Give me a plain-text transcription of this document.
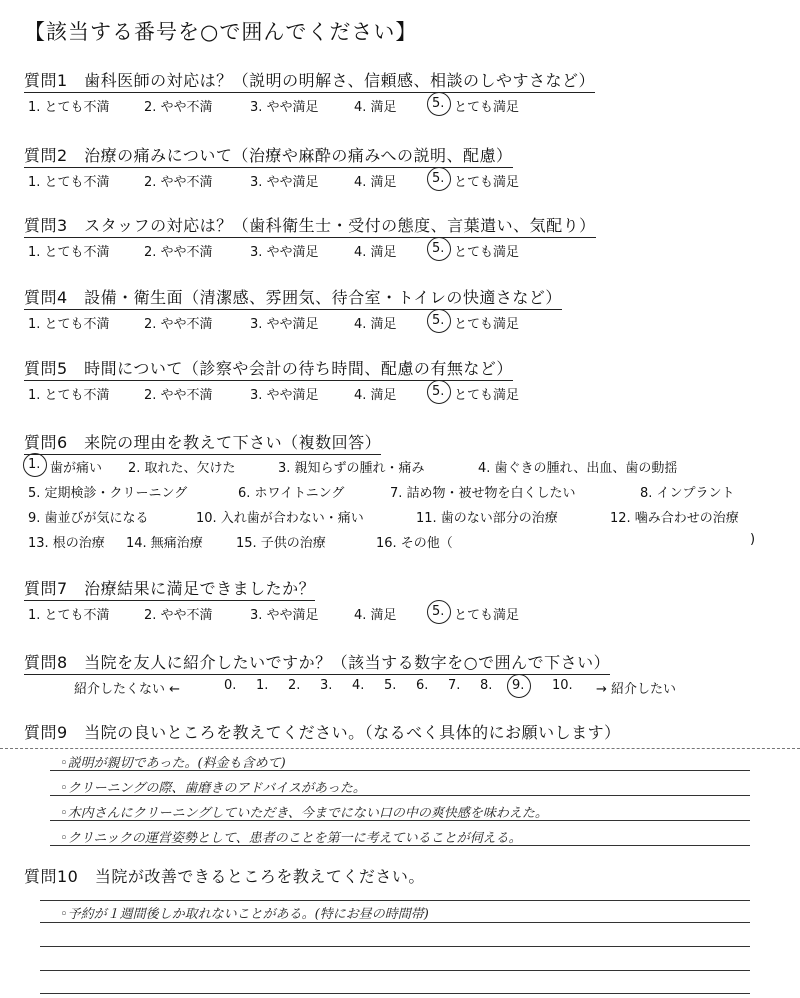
【該当する番号を○で囲んでください】
質問1　歯科医師の対応は？（説明の明解さ、信頼感、相談のしやすさなど）
1. とても不満	2. やや不満	3. やや満足	4. 満足	5. とても満足
質問2　治療の痛みについて（治療や麻酔の痛みへの説明、配慮）
1. とても不満	2. やや不満	3. やや満足	4. 満足	5. とても満足
質問3　スタッフの対応は？（歯科衛生士・受付の態度、言葉遣い、気配り）
1. とても不満	2. やや不満	3. やや満足	4. 満足	5. とても満足
質問4　設備・衛生面（清潔感、雰囲気、待合室・トイレの快適さなど）
1. とても不満	2. やや不満	3. やや満足	4. 満足	5. とても満足
質問5　時間について（診察や会計の待ち時間、配慮の有無など）
1. とても不満	2. やや不満	3. やや満足	4. 満足	5. とても満足
質問6　来院の理由を教えて下さい（複数回答）
1. 歯が痛い	2. 取れた、欠けた	3. 親知らずの腫れ・痛み	4. 歯ぐきの腫れ、出血、歯の動揺
5. 定期検診・クリーニング	6. ホワイトニング	7. 詰め物・被せ物を白くしたい	8. インプラント
9. 歯並びが気になる	10. 入れ歯が合わない・痛い	11. 歯のない部分の治療	12. 噛み合わせの治療
13. 根の治療	14. 無痛治療	15. 子供の治療	16. その他（	)
質問7　治療結果に満足できましたか？
1. とても不満	2. やや不満	3. やや満足	4. 満足	5. とても満足
質問8　当院を友人に紹介したいですか？（該当する数字を○で囲んで下さい）
紹介したくない ←	0.	1.	2.	3.	4.	5.	6.	7.	8.	9.	10.	→ 紹介したい
質問9　当院の良いところを教えてください。（なるべく具体的にお願いします）
◦説明が親切であった。(料金も含めて)
◦クリーニングの際、歯磨きのアドバイスがあった。
◦木内さんにクリーニングしていただき、今までにない口の中の爽快感を味わえた。
◦クリニックの運営姿勢として、患者のことを第一に考えていることが伺える。
質問10　当院が改善できるところを教えてください。
◦予約が１週間後しか取れないことがある。(特にお昼の時間帯)
